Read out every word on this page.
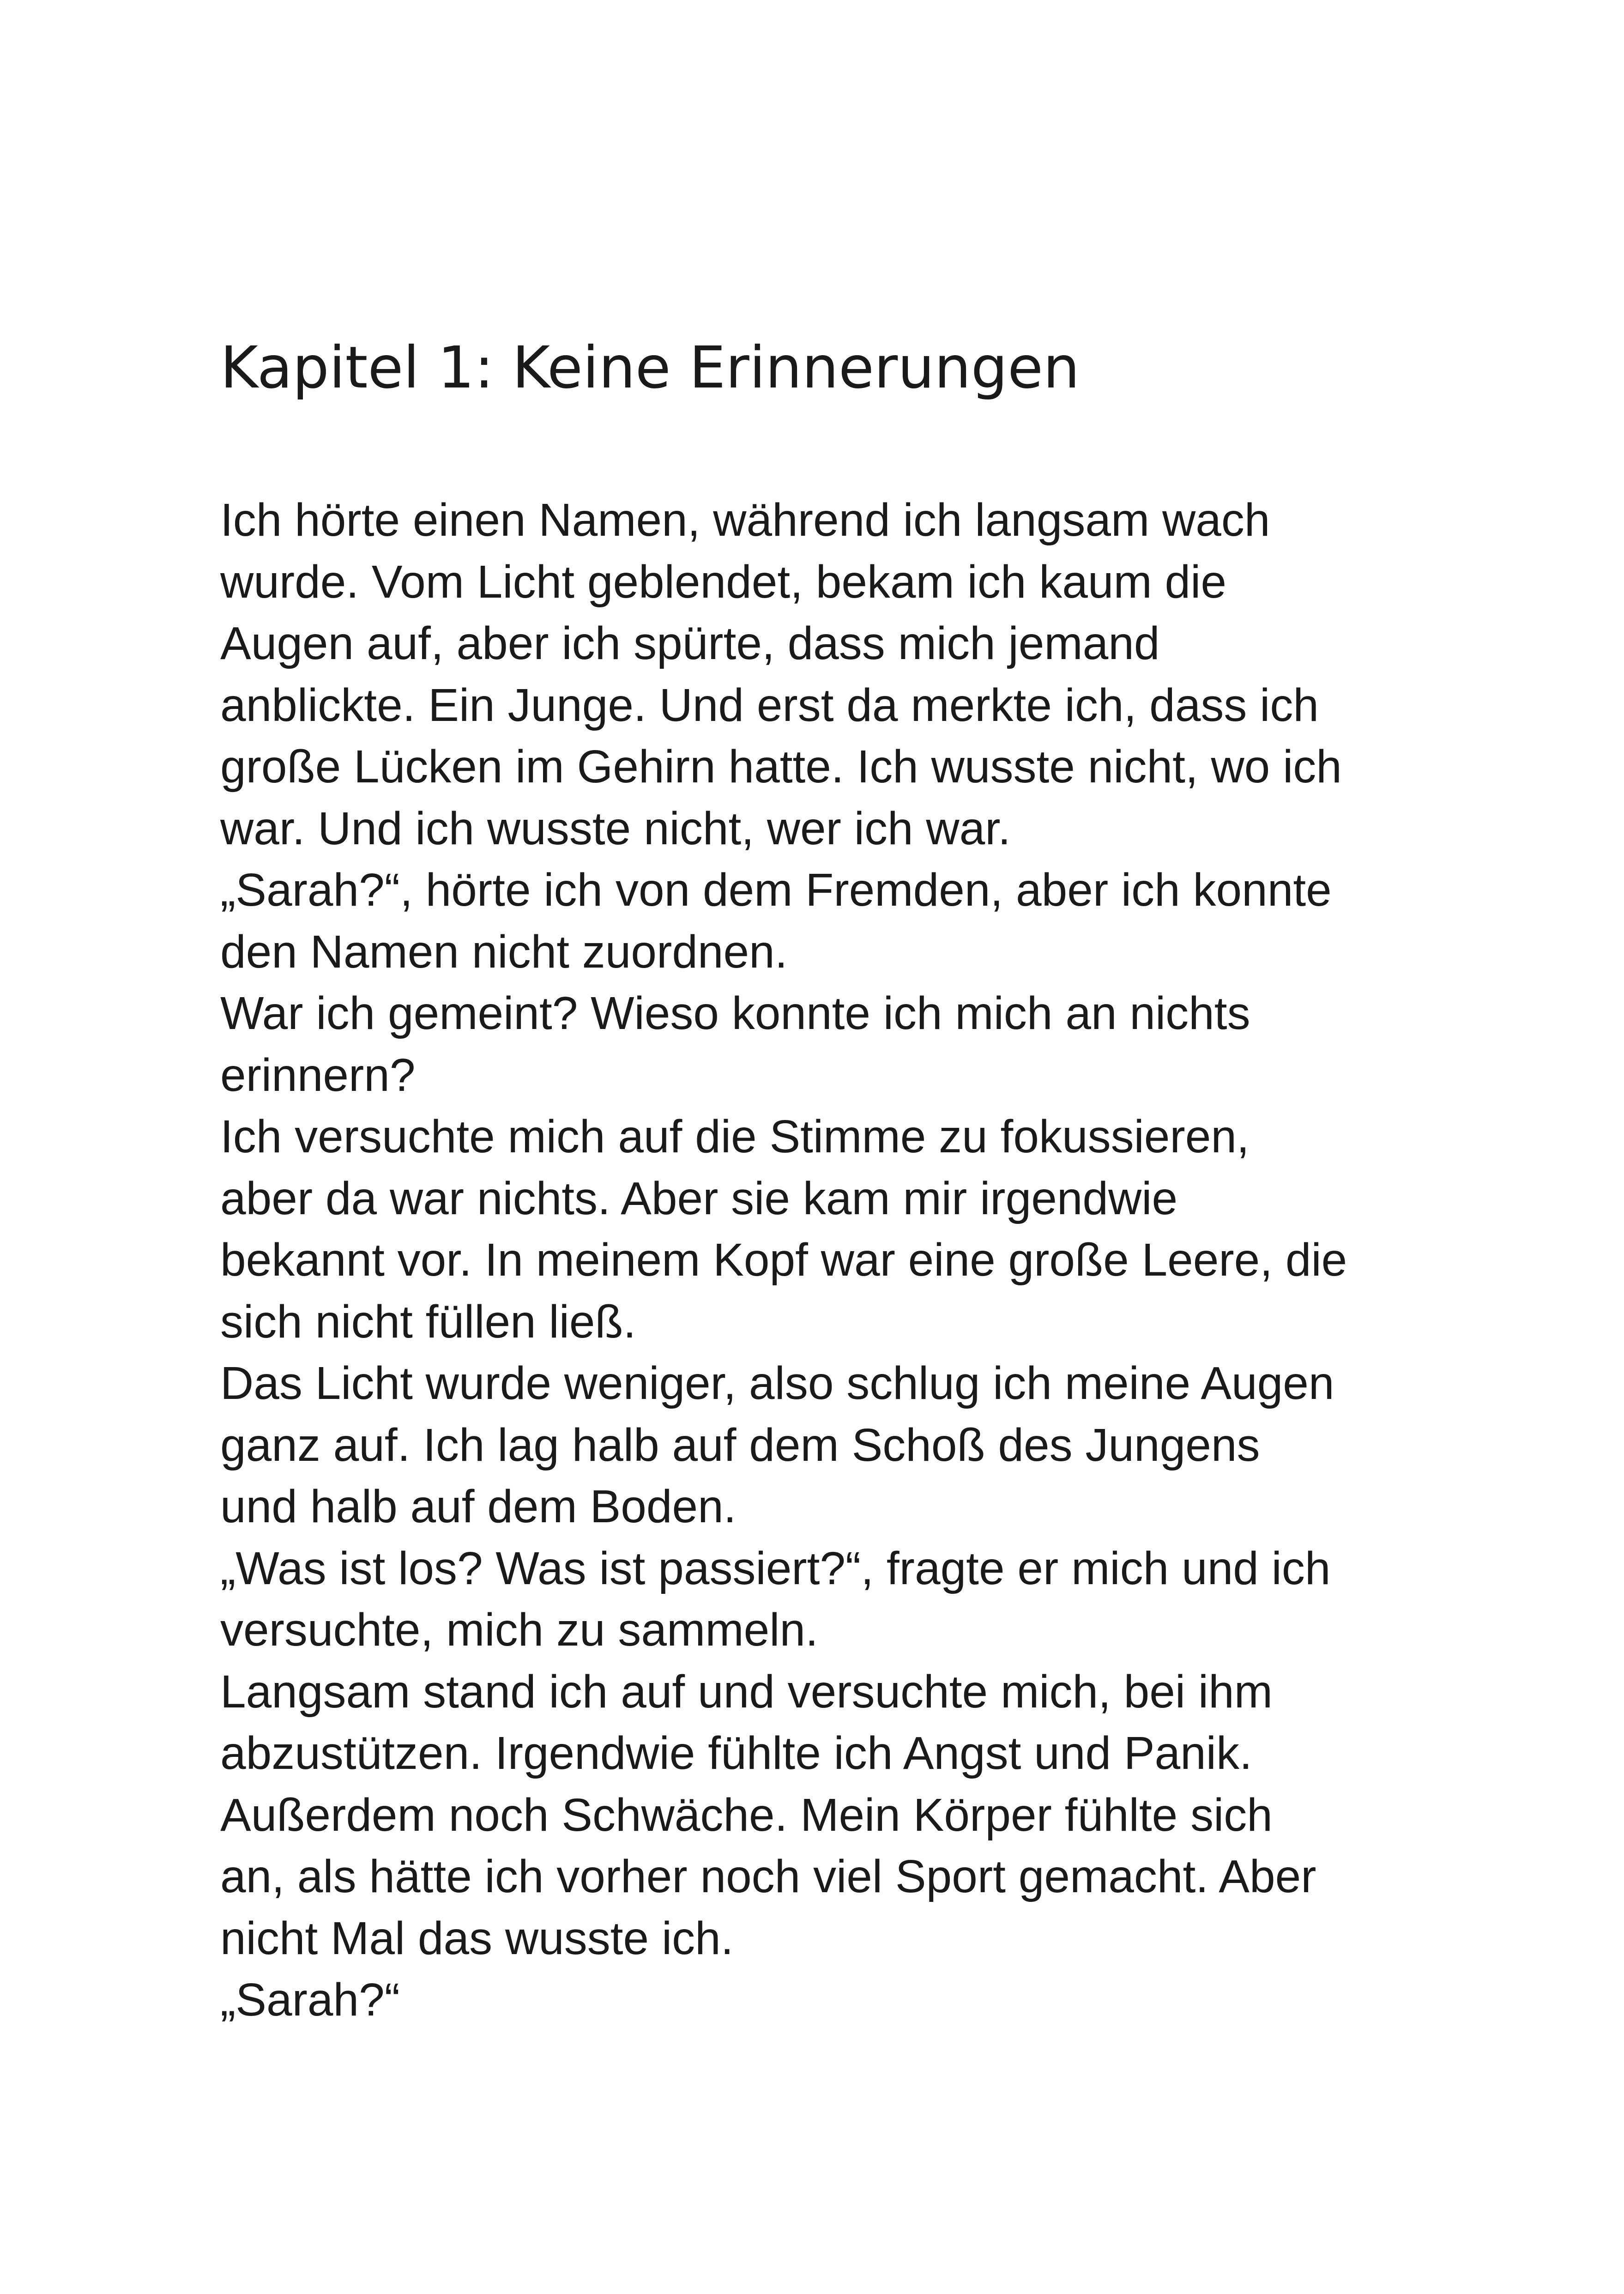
Kapitel 1: Keine Erinnerungen
Ich hörte einen Namen, während ich langsam wach
wurde. Vom Licht geblendet, bekam ich kaum die
Augen auf, aber ich spürte, dass mich jemand
anblickte. Ein Junge. Und erst da merkte ich, dass ich
große Lücken im Gehirn hatte. Ich wusste nicht, wo ich
war. Und ich wusste nicht, wer ich war.
„Sarah?“, hörte ich von dem Fremden, aber ich konnte
den Namen nicht zuordnen.
War ich gemeint? Wieso konnte ich mich an nichts
erinnern?
Ich versuchte mich auf die Stimme zu fokussieren,
aber da war nichts. Aber sie kam mir irgendwie
bekannt vor. In meinem Kopf war eine große Leere, die
sich nicht füllen ließ.
Das Licht wurde weniger, also schlug ich meine Augen
ganz auf. Ich lag halb auf dem Schoß des Jungens
und halb auf dem Boden.
„Was ist los? Was ist passiert?“, fragte er mich und ich
versuchte, mich zu sammeln.
Langsam stand ich auf und versuchte mich, bei ihm
abzustützen. Irgendwie fühlte ich Angst und Panik.
Außerdem noch Schwäche. Mein Körper fühlte sich
an, als hätte ich vorher noch viel Sport gemacht. Aber
nicht Mal das wusste ich.
„Sarah?“
